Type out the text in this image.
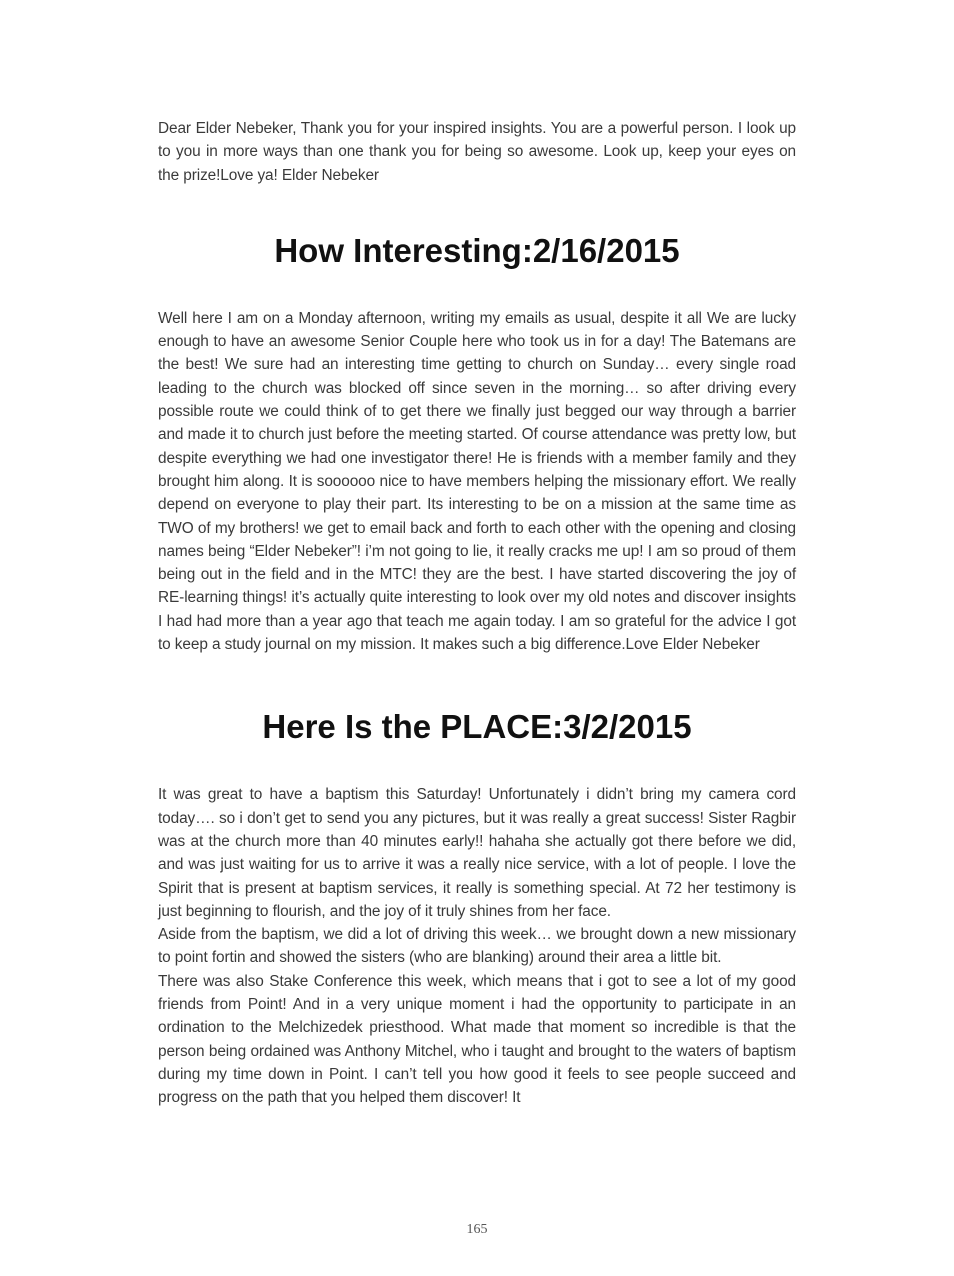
Dear Elder Nebeker, Thank you for your inspired insights. You are a powerful person. I look up to you in more ways than one thank you for being so awesome. Look up, keep your eyes on the prize!Love ya! Elder Nebeker

How Interesting:2/16/2015

Well here I am on a Monday afternoon, writing my emails as usual, despite it all We are lucky enough to have an awesome Senior Couple here who took us in for a day! The Batemans are the best! We sure had an interesting time getting to church on Sunday… every single road leading to the church was blocked off since seven in the morning… so after driving every possible route we could think of to get there we finally just begged our way through a barrier and made it to church just before the meeting started. Of course attendance was pretty low, but despite everything we had one investigator there! He is friends with a member family and they brought him along. It is soooooo nice to have members helping the missionary effort. We really depend on everyone to play their part. Its interesting to be on a mission at the same time as TWO of my brothers! we get to email back and forth to each other with the opening and closing names being “Elder Nebeker”! i’m not going to lie, it really cracks me up! I am so proud of them being out in the field and in the MTC! they are the best. I have started discovering the joy of RE-learning things! it’s actually quite interesting to look over my old notes and discover insights I had had more than a year ago that teach me again today. I am so grateful for the advice I got to keep a study journal on my mission. It makes such a big difference.Love Elder Nebeker

Here Is the PLACE:3/2/2015

It was great to have a baptism this Saturday! Unfortunately i didn’t bring my camera cord today…. so i don’t get to send you any pictures, but it was really a great success! Sister Ragbir was at the church more than 40 minutes early!! hahaha she actually got there before we did, and was just waiting for us to arrive it was a really nice service, with a lot of people. I love the Spirit that is present at baptism services, it really is something special. At 72 her testimony is just beginning to flourish, and the joy of it truly shines from her face.

Aside from the baptism, we did a lot of driving this week… we brought down a new missionary to point fortin and showed the sisters (who are blanking) around their area a little bit.

There was also Stake Conference this week, which means that i got to see a lot of my good friends from Point! And in a very unique moment i had the opportunity to participate in an ordination to the Melchizedek priesthood. What made that moment so incredible is that the person being ordained was Anthony Mitchel, who i taught and brought to the waters of baptism during my time down in Point. I can’t tell you how good it feels to see people succeed and progress on the path that you helped them discover! It

165
